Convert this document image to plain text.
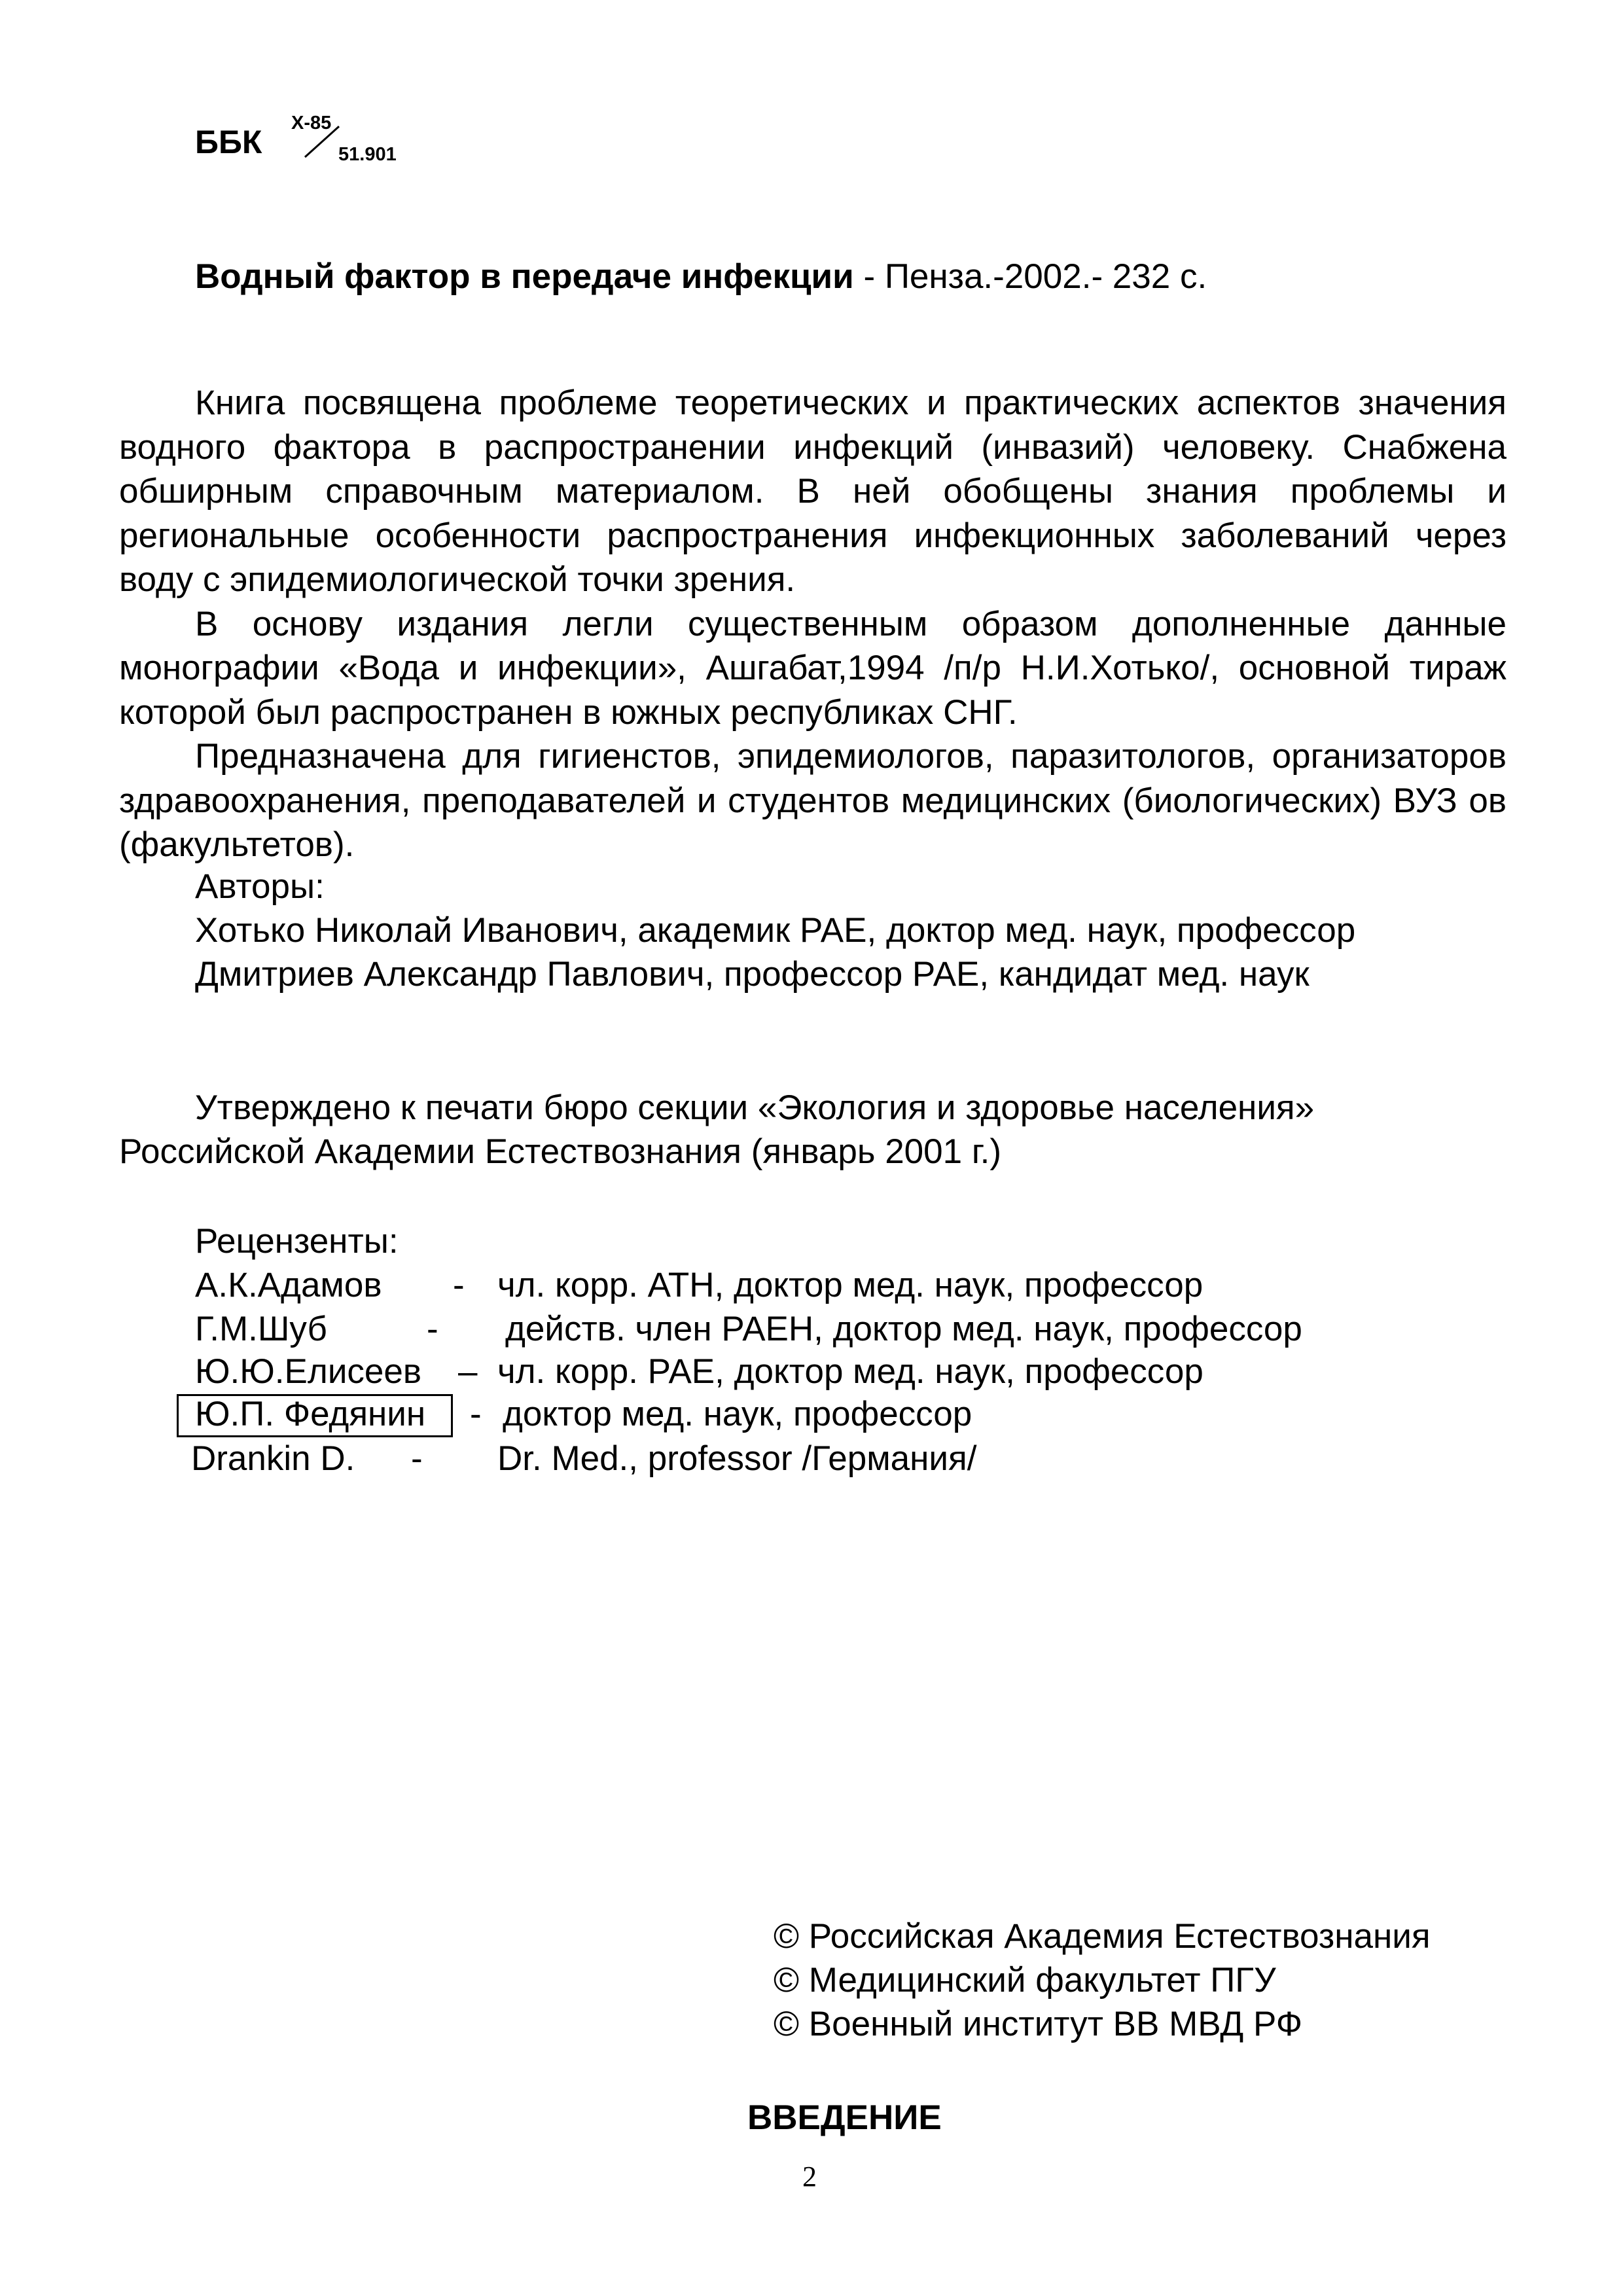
ББК
Х-85
51.901
Водный фактор в передаче инфекции - Пенза.-2002.- 232 с.

Книга посвящена проблеме теоретических и практических аспектов значения водного фактора в распространении инфекций (инвазий) человеку. Снабжена обширным справочным материалом. В ней обобщены знания проблемы и региональные особенности распространения инфекционных заболеваний через воду с эпидемиологической точки зрения.

В основу издания легли существенным образом дополненные данные монографии «Вода и инфекции», Ашгабат,1994 /п/р Н.И.Хотько/, основной тираж которой был распространен в южных республиках СНГ.

Предназначена для гигиенстов, эпидемиологов, паразитологов, организаторов здравоохранения, преподавателей и студентов медицинских (биологических) ВУЗ ов (факультетов).

Авторы:
Хотько Николай Иванович, академик РАЕ, доктор мед. наук, профессор
Дмитриев Александр Павлович, профессор РАЕ, кандидат мед. наук
Утверждено к печати бюро секции «Экология и здоровье населения»
Российской Академии Естествознания (январь 2001 г.)
Рецензенты:
А.К.Адамов - чл. корр. АТН, доктор мед. наук, профессор
Г.М.Шуб	- действ. член РАЕН, доктор мед. наук, профессор
Ю.Ю.Елисеев – чл. корр. РАЕ, доктор мед. наук, профессор
Ю.П. Федянин - доктор мед. наук, профессор
Drankin D. - Dr. Med., professor /Германия/
© Российская Академия Естествознания
© Медицинский факультет ПГУ
© Военный институт ВВ МВД РФ
ВВЕДЕНИЕ
2
